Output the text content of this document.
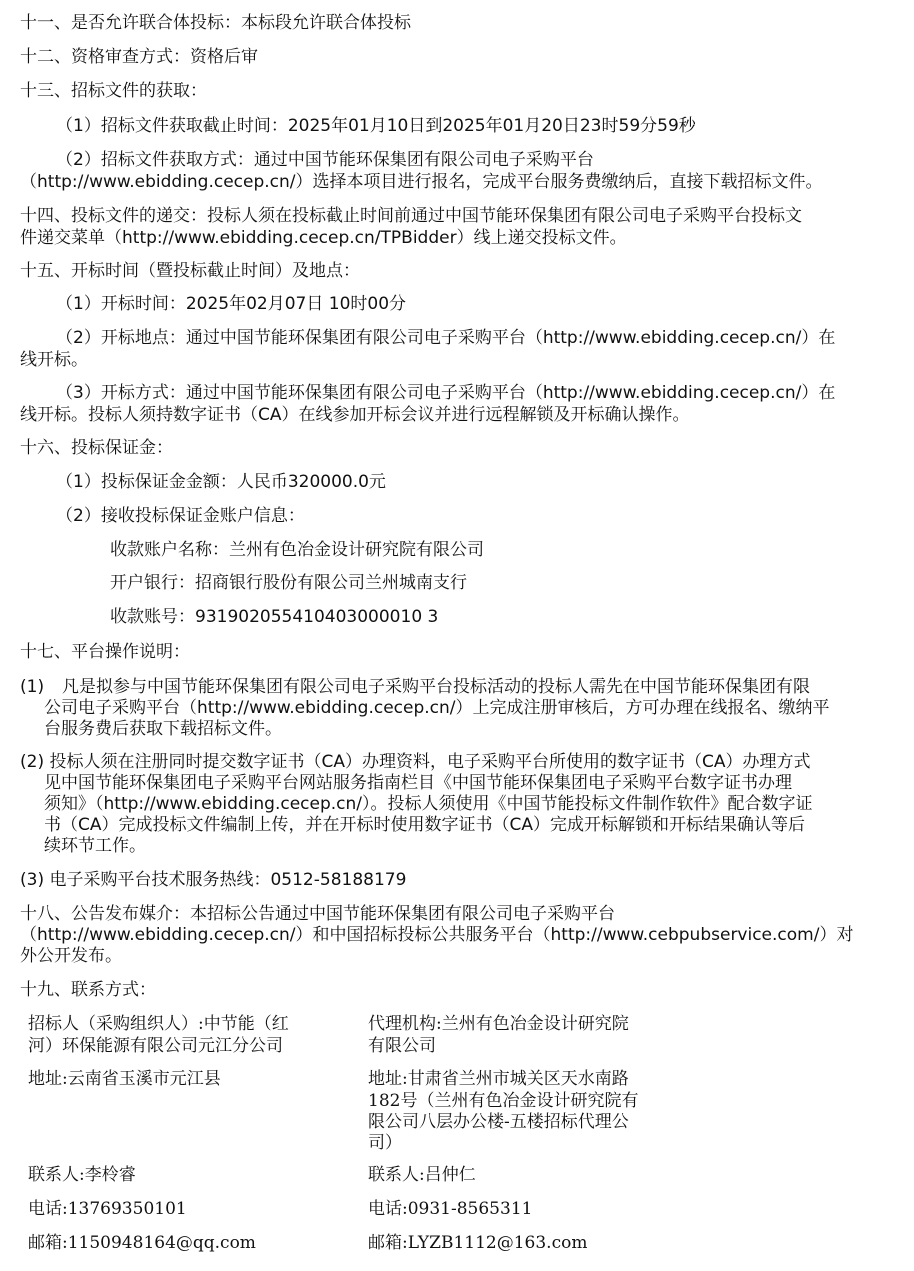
十一、是否允许联合体投标：本标段允许联合体投标
十二、资格审查方式：资格后审
十三、招标文件的获取：
（1）招标文件获取截止时间：2025年01月10日到2025年01月20日23时59分59秒
（2）招标文件获取方式：通过中国节能环保集团有限公司电子采购平台
（http://www.ebidding.cecep.cn/）选择本项目进行报名，完成平台服务费缴纳后，直接下载招标文件。
十四、投标文件的递交：投标人须在投标截止时间前通过中国节能环保集团有限公司电子采购平台投标文
件递交菜单（http://www.ebidding.cecep.cn/TPBidder）线上递交投标文件。
十五、开标时间（暨投标截止时间）及地点：
（1）开标时间：2025年02月07日 10时00分
（2）开标地点：通过中国节能环保集团有限公司电子采购平台（http://www.ebidding.cecep.cn/）在
线开标。
（3）开标方式：通过中国节能环保集团有限公司电子采购平台（http://www.ebidding.cecep.cn/）在
线开标。投标人须持数字证书（CA）在线参加开标会议并进行远程解锁及开标确认操作。
十六、投标保证金：
（1）投标保证金金额：人民币320000.0元
（2）接收投标保证金账户信息：
收款账户名称：兰州有色冶金设计研究院有限公司
开户银行：招商银行股份有限公司兰州城南支行
收款账号：931902055410403000010 3
十七、平台操作说明：
(1) 凡是拟参与中国节能环保集团有限公司电子采购平台投标活动的投标人需先在中国节能环保集团有限
公司电子采购平台（http://www.ebidding.cecep.cn/）上完成注册审核后，方可办理在线报名、缴纳平
台服务费后获取下载招标文件。
(2) 投标人须在注册同时提交数字证书（CA）办理资料，电子采购平台所使用的数字证书（CA）办理方式
见中国节能环保集团电子采购平台网站服务指南栏目《中国节能环保集团电子采购平台数字证书办理
须知》（http://www.ebidding.cecep.cn/）。投标人须使用《中国节能投标文件制作软件》配合数字证
书（CA）完成投标文件编制上传，并在开标时使用数字证书（CA）完成开标解锁和开标结果确认等后
续环节工作。
(3) 电子采购平台技术服务热线：0512-58188179
十八、公告发布媒介：本招标公告通过中国节能环保集团有限公司电子采购平台
（http://www.ebidding.cecep.cn/）和中国招标投标公共服务平台（http://www.cebpubservice.com/）对
外公开发布。
十九、联系方式：
招标人（采购组织人）:中节能（红
河）环保能源有限公司元江分公司
地址:云南省玉溪市元江县
联系人:李柃睿
电话:13769350101
邮箱:1150948164@qq.com
代理机构:兰州有色冶金设计研究院
有限公司
地址:甘肃省兰州市城关区天水南路
182号（兰州有色冶金设计研究院有
限公司八层办公楼-五楼招标代理公
司）
联系人:吕仲仁
电话:0931-8565311
邮箱:LYZB1112@163.com
